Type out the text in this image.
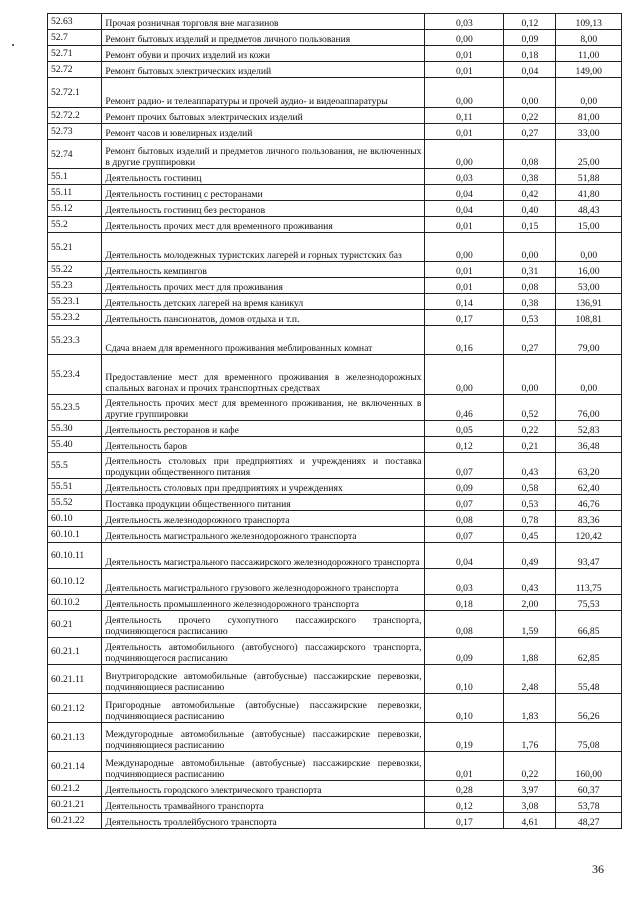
52.63	Прочая розничная торговля вне магазинов	0,03	0,12	109,13
52.7	Ремонт бытовых изделий и предметов личного пользования	0,00	0,09	8,00
52.71	Ремонт обуви и прочих изделий из кожи	0,01	0,18	11,00
52.72	Ремонт бытовых электрических изделий	0,01	0,04	149,00
52.72.1	Ремонт радио- и телеаппаратуры и прочей аудио- и видеоаппаратуры	0,00	0,00	0,00
52.72.2	Ремонт прочих бытовых электрических изделий	0,11	0,22	81,00
52.73	Ремонт часов и ювелирных изделий	0,01	0,27	33,00
52.74	Ремонт бытовых изделий и предметов личного пользования, не включенных в другие группировки	0,00	0,08	25,00
55.1	Деятельность гостиниц	0,03	0,38	51,88
55.11	Деятельность гостиниц с ресторанами	0,04	0,42	41,80
55.12	Деятельность гостиниц без ресторанов	0,04	0,40	48,43
55.2	Деятельность прочих мест для временного проживания	0,01	0,15	15,00
55.21	Деятельность молодежных туристских лагерей и горных туристских баз	0,00	0,00	0,00
55.22	Деятельность кемпингов	0,01	0,31	16,00
55.23	Деятельность прочих мест для проживания	0,01	0,08	53,00
55.23.1	Деятельность детских лагерей на время каникул	0,14	0,38	136,91
55.23.2	Деятельность пансионатов, домов отдыха и т.п.	0,17	0,53	108,81
55.23.3	Сдача внаем для временного проживания меблированных комнат	0,16	0,27	79,00
55.23.4	Предоставление мест для временного проживания в железнодорожных спальных вагонах и прочих транспортных средствах	0,00	0,00	0,00
55.23.5	Деятельность прочих мест для временного проживания, не включенных в другие группировки	0,46	0,52	76,00
55.30	Деятельность ресторанов и кафе	0,05	0,22	52,83
55.40	Деятельность баров	0,12	0,21	36,48
55.5	Деятельность столовых при предприятиях и учреждениях и поставка продукции общественного питания	0,07	0,43	63,20
55.51	Деятельность столовых при предприятиях и учреждениях	0,09	0,58	62,40
55.52	Поставка продукции общественного питания	0,07	0,53	46,76
60.10	Деятельность железнодорожного транспорта	0,08	0,78	83,36
60.10.1	Деятельность магистрального железнодорожного транспорта	0,07	0,45	120,42
60.10.11	Деятельность магистрального пассажирского железнодорожного транспорта	0,04	0,49	93,47
60.10.12	Деятельность магистрального грузового железнодорожного транспорта	0,03	0,43	113,75
60.10.2	Деятельность промышленного железнодорожного транспорта	0,18	2,00	75,53
60.21	Деятельность прочего сухопутного пассажирского транспорта, подчиняющегося расписанию	0,08	1,59	66,85
60.21.1	Деятельность автомобильного (автобусного) пассажирского транспорта, подчиняющегося расписанию	0,09	1,88	62,85
60.21.11	Внутригородские автомобильные (автобусные) пассажирские перевозки, подчиняющиеся расписанию	0,10	2,48	55,48
60.21.12	Пригородные автомобильные (автобусные) пассажирские перевозки, подчиняющиеся расписанию	0,10	1,83	56,26
60.21.13	Междугородные автомобильные (автобусные) пассажирские перевозки, подчиняющиеся расписанию	0,19	1,76	75,08
60.21.14	Международные автомобильные (автобусные) пассажирские перевозки, подчиняющиеся расписанию	0,01	0,22	160,00
60.21.2	Деятельность городского электрического транспорта	0,28	3,97	60,37
60.21.21	Деятельность трамвайного транспорта	0,12	3,08	53,78
60.21.22	Деятельность троллейбусного транспорта	0,17	4,61	48,27
36
